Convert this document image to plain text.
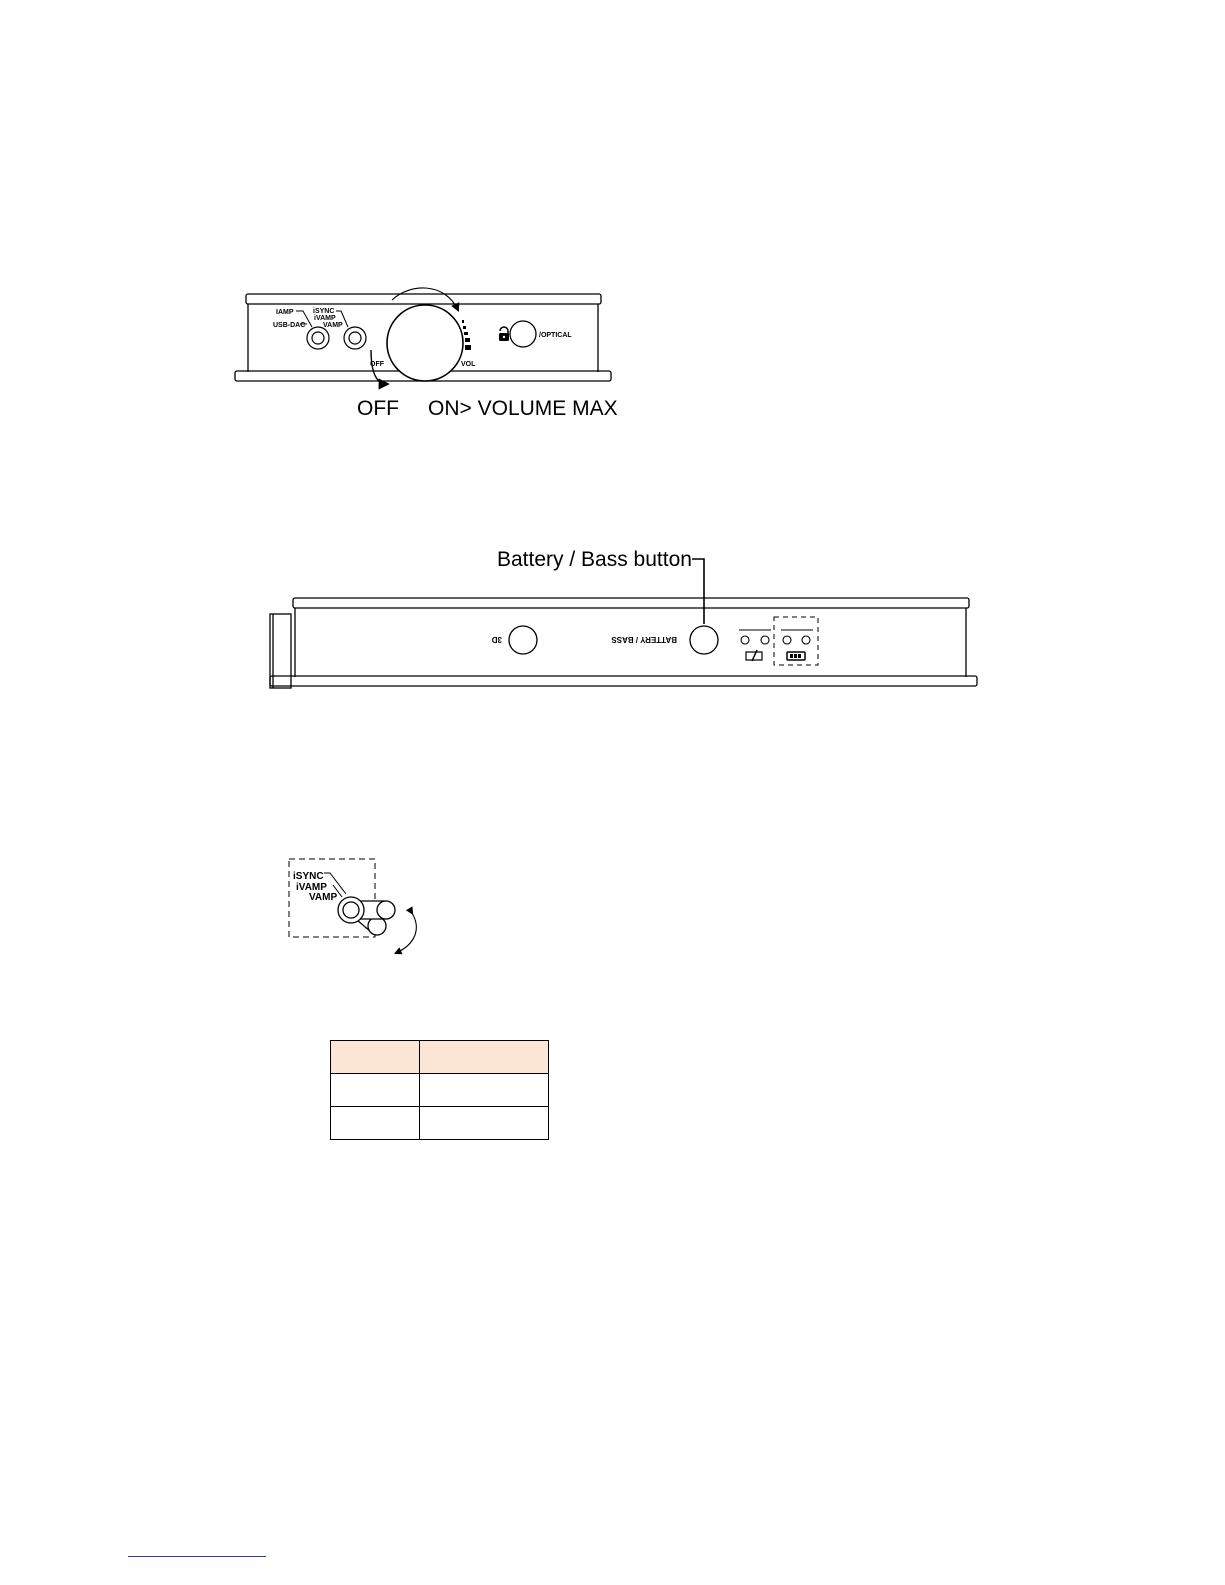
IAMP
USB-DAC
iSYNC
iVAMP
VAMP
OFF	VOL
/OPTICAL
OFF ON> VOLUME MAX
Battery / Bass button
3D	BATTERY / BASS
iSYNC
iVAMP
VAMP
